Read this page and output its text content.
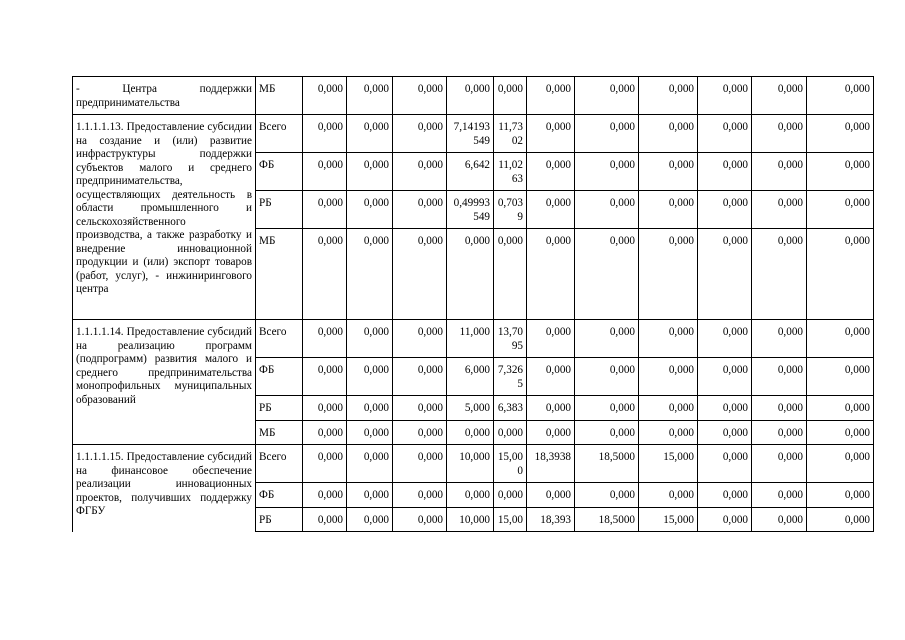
- Центра поддержки предпринимательства	МБ	0,000	0,000	0,000	0,000	0,000	0,000	0,000	0,000	0,000	0,000	0,000
1.1.1.1.13. Предоставление субсидии на создание и (или) развитие инфраструктуры поддержки субъектов малого и среднего предпринимательства, осуществляющих деятельность в области промышленного и сельскохозяйственного производства, а также разработку и внедрение инновационной продукции и (или) экспорт товаров (работ, услуг), - инжинирингового центра	Всего	0,000	0,000	0,000	7,14193549	11,7302	0,000	0,000	0,000	0,000	0,000	0,000
	ФБ	0,000	0,000	0,000	6,642	11,0263	0,000	0,000	0,000	0,000	0,000	0,000
	РБ	0,000	0,000	0,000	0,49993549	0,7039	0,000	0,000	0,000	0,000	0,000	0,000
	МБ	0,000	0,000	0,000	0,000	0,000	0,000	0,000	0,000	0,000	0,000	0,000
1.1.1.1.14. Предоставление субсидий на реализацию программ (подпрограмм) развития малого и среднего предпринимательства монопрофильных муниципальных образований	Всего	0,000	0,000	0,000	11,000	13,7095	0,000	0,000	0,000	0,000	0,000	0,000
	ФБ	0,000	0,000	0,000	6,000	7,3265	0,000	0,000	0,000	0,000	0,000	0,000
	РБ	0,000	0,000	0,000	5,000	6,383	0,000	0,000	0,000	0,000	0,000	0,000
	МБ	0,000	0,000	0,000	0,000	0,000	0,000	0,000	0,000	0,000	0,000	0,000
1.1.1.1.15. Предоставление субсидий на финансовое обеспечение реализации инновационных проектов, получивших поддержку ФГБУ	Всего	0,000	0,000	0,000	10,000	15,000	18,3938	18,5000	15,000	0,000	0,000	0,000
	ФБ	0,000	0,000	0,000	0,000	0,000	0,000	0,000	0,000	0,000	0,000	0,000
	РБ	0,000	0,000	0,000	10,000	15,00	18,393	18,5000	15,000	0,000	0,000	0,000
